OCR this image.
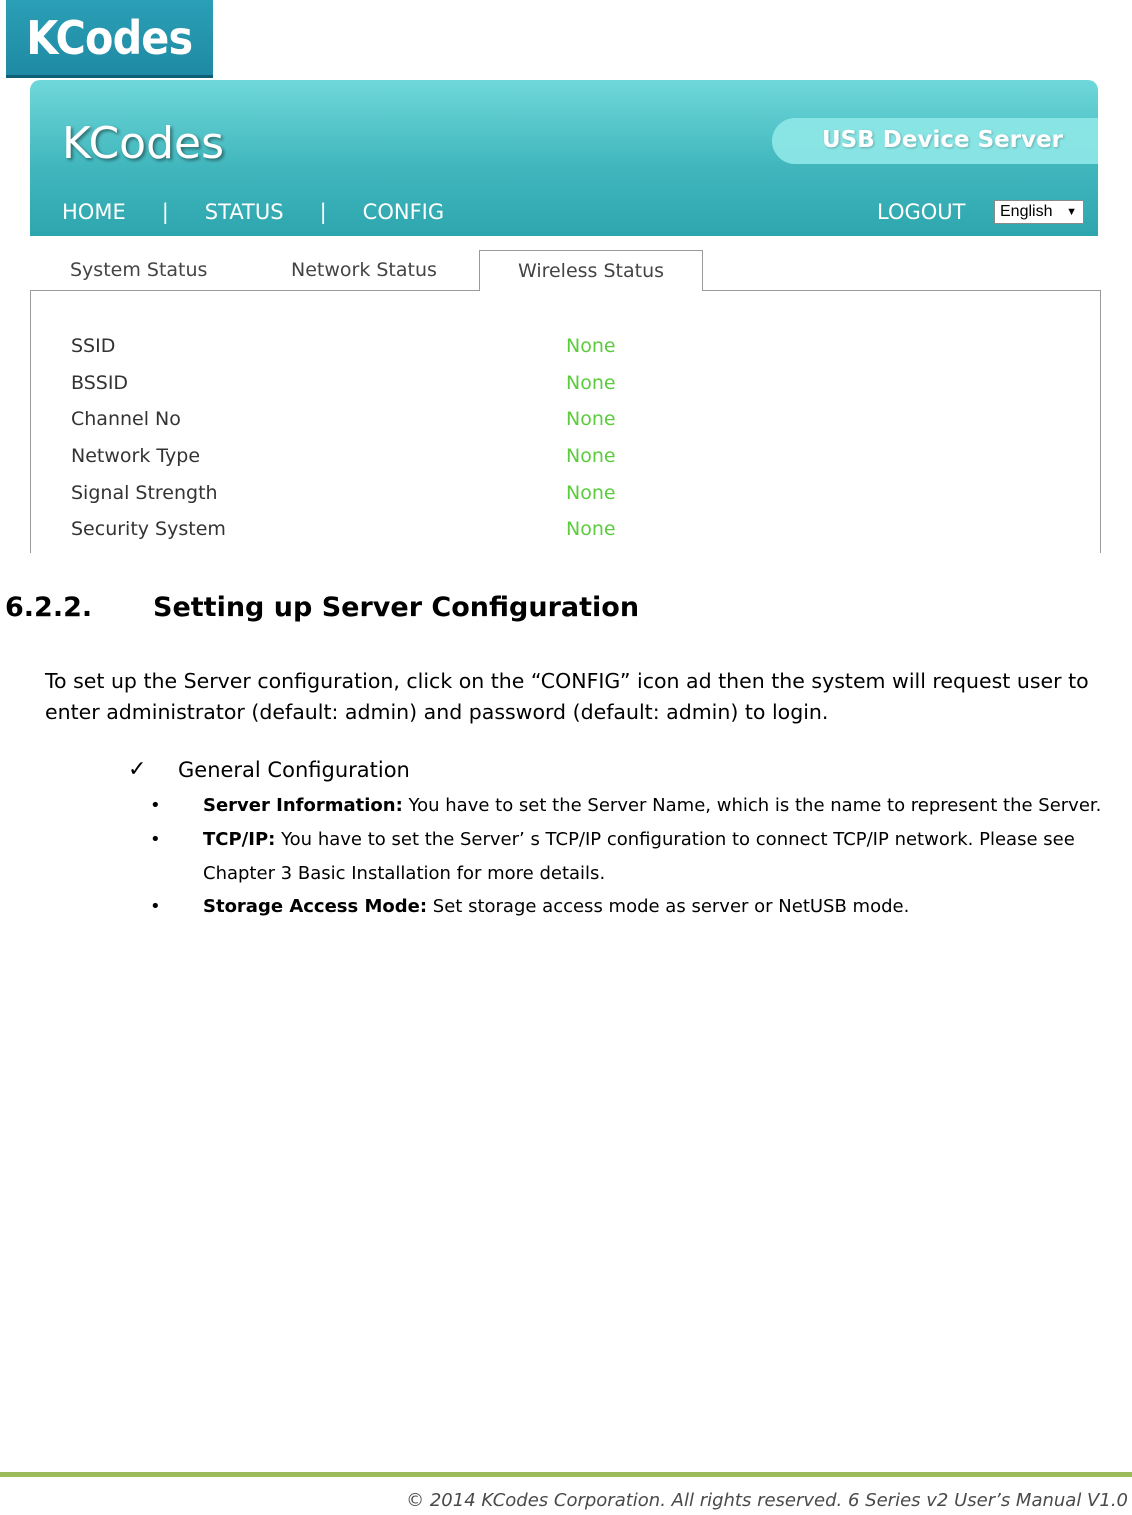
KCodes
KCodes	USB Device Server
HOME | STATUS | CONFIG	LOGOUT	English ▼
System Status	Network Status	Wireless Status
SSID	None
BSSID	None
Channel No	None
Network Type	None
Signal Strength	None
Security System	None
6.2.2. Setting up Server Configuration
To set up the Server configuration, click on the “CONFIG” icon ad then the system will request user to enter administrator (default: admin) and password (default: admin) to login.
✓ General Configuration
• Server Information: You have to set the Server Name, which is the name to represent the Server.
• TCP/IP: You have to set the Server’ s TCP/IP configuration to connect TCP/IP network. Please see Chapter 3 Basic Installation for more details.
• Storage Access Mode: Set storage access mode as server or NetUSB mode.
© 2014 KCodes Corporation. All rights reserved. 6 Series v2 User’s Manual V1.0
